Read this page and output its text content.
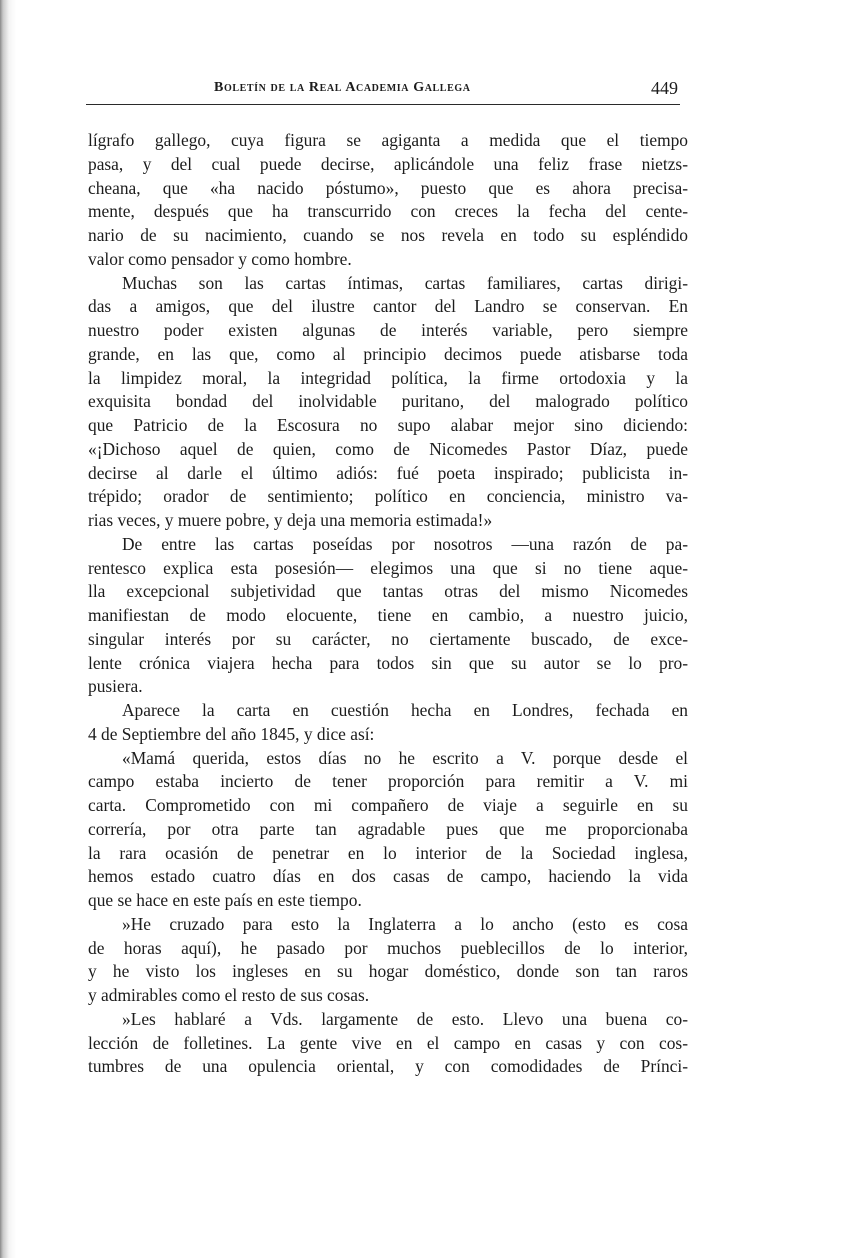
Boletín de la Real Academia Gallega	449
lígrafo gallego, cuya figura se agiganta a medida que el tiempo
pasa, y del cual puede decirse, aplicándole una feliz frase nietzs-
cheana, que «ha nacido póstumo», puesto que es ahora precisa-
mente, después que ha transcurrido con creces la fecha del cente-
nario de su nacimiento, cuando se nos revela en todo su espléndido
valor como pensador y como hombre.
Muchas son las cartas íntimas, cartas familiares, cartas dirigi-
das a amigos, que del ilustre cantor del Landro se conservan. En
nuestro poder existen algunas de interés variable, pero siempre
grande, en las que, como al principio decimos puede atisbarse toda
la limpidez moral, la integridad política, la firme ortodoxia y la
exquisita bondad del inolvidable puritano, del malogrado político
que Patricio de la Escosura no supo alabar mejor sino diciendo:
«¡Dichoso aquel de quien, como de Nicomedes Pastor Díaz, puede
decirse al darle el último adiós: fué poeta inspirado; publicista in-
trépido; orador de sentimiento; político en conciencia, ministro va-
rias veces, y muere pobre, y deja una memoria estimada!»
De entre las cartas poseídas por nosotros —una razón de pa-
rentesco explica esta posesión— elegimos una que si no tiene aque-
lla excepcional subjetividad que tantas otras del mismo Nicomedes
manifiestan de modo elocuente, tiene en cambio, a nuestro juicio,
singular interés por su carácter, no ciertamente buscado, de exce-
lente crónica viajera hecha para todos sin que su autor se lo pro-
pusiera.
Aparece la carta en cuestión hecha en Londres, fechada en
4 de Septiembre del año 1845, y dice así:
«Mamá querida, estos días no he escrito a V. porque desde el
campo estaba incierto de tener proporción para remitir a V. mi
carta. Comprometido con mi compañero de viaje a seguirle en su
correría, por otra parte tan agradable pues que me proporcionaba
la rara ocasión de penetrar en lo interior de la Sociedad inglesa,
hemos estado cuatro días en dos casas de campo, haciendo la vida
que se hace en este país en este tiempo.
»He cruzado para esto la Inglaterra a lo ancho (esto es cosa
de horas aquí), he pasado por muchos pueblecillos de lo interior,
y he visto los ingleses en su hogar doméstico, donde son tan raros
y admirables como el resto de sus cosas.
»Les hablaré a Vds. largamente de esto. Llevo una buena co-
lección de folletines. La gente vive en el campo en casas y con cos-
tumbres de una opulencia oriental, y con comodidades de Prínci-
